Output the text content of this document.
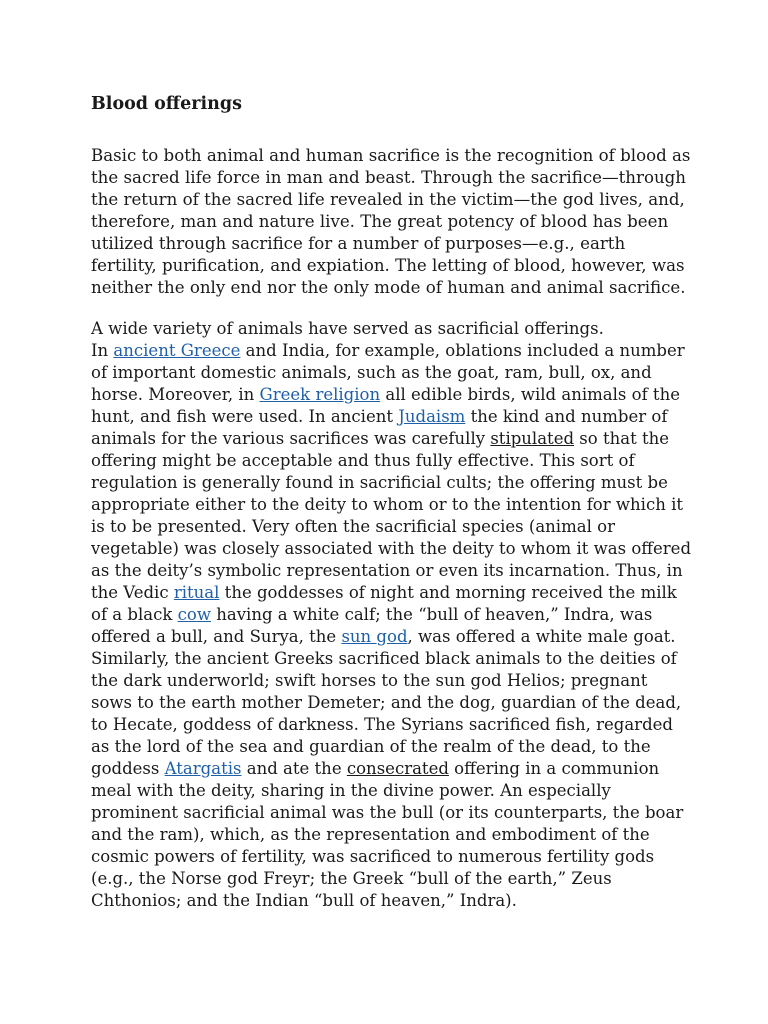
Blood offerings
Basic to both animal and human sacrifice is the recognition of blood as
the sacred life force in man and beast. Through the sacrifice—through
the return of the sacred life revealed in the victim—the god lives, and,
therefore, man and nature live. The great potency of blood has been
utilized through sacrifice for a number of purposes—e.g., earth
fertility, purification, and expiation. The letting of blood, however, was
neither the only end nor the only mode of human and animal sacrifice.
A wide variety of animals have served as sacrificial offerings.
In ancient Greece and India, for example, oblations included a number
of important domestic animals, such as the goat, ram, bull, ox, and
horse. Moreover, in Greek religion all edible birds, wild animals of the
hunt, and fish were used. In ancient Judaism the kind and number of
animals for the various sacrifices was carefully stipulated so that the
offering might be acceptable and thus fully effective. This sort of
regulation is generally found in sacrificial cults; the offering must be
appropriate either to the deity to whom or to the intention for which it
is to be presented. Very often the sacrificial species (animal or
vegetable) was closely associated with the deity to whom it was offered
as the deity’s symbolic representation or even its incarnation. Thus, in
the Vedic ritual the goddesses of night and morning received the milk
of a black cow having a white calf; the “bull of heaven,” Indra, was
offered a bull, and Surya, the sun god, was offered a white male goat.
Similarly, the ancient Greeks sacrificed black animals to the deities of
the dark underworld; swift horses to the sun god Helios; pregnant
sows to the earth mother Demeter; and the dog, guardian of the dead,
to Hecate, goddess of darkness. The Syrians sacrificed fish, regarded
as the lord of the sea and guardian of the realm of the dead, to the
goddess Atargatis and ate the consecrated offering in a communion
meal with the deity, sharing in the divine power. An especially
prominent sacrificial animal was the bull (or its counterparts, the boar
and the ram), which, as the representation and embodiment of the
cosmic powers of fertility, was sacrificed to numerous fertility gods
(e.g., the Norse god Freyr; the Greek “bull of the earth,” Zeus
Chthonios; and the Indian “bull of heaven,” Indra).
